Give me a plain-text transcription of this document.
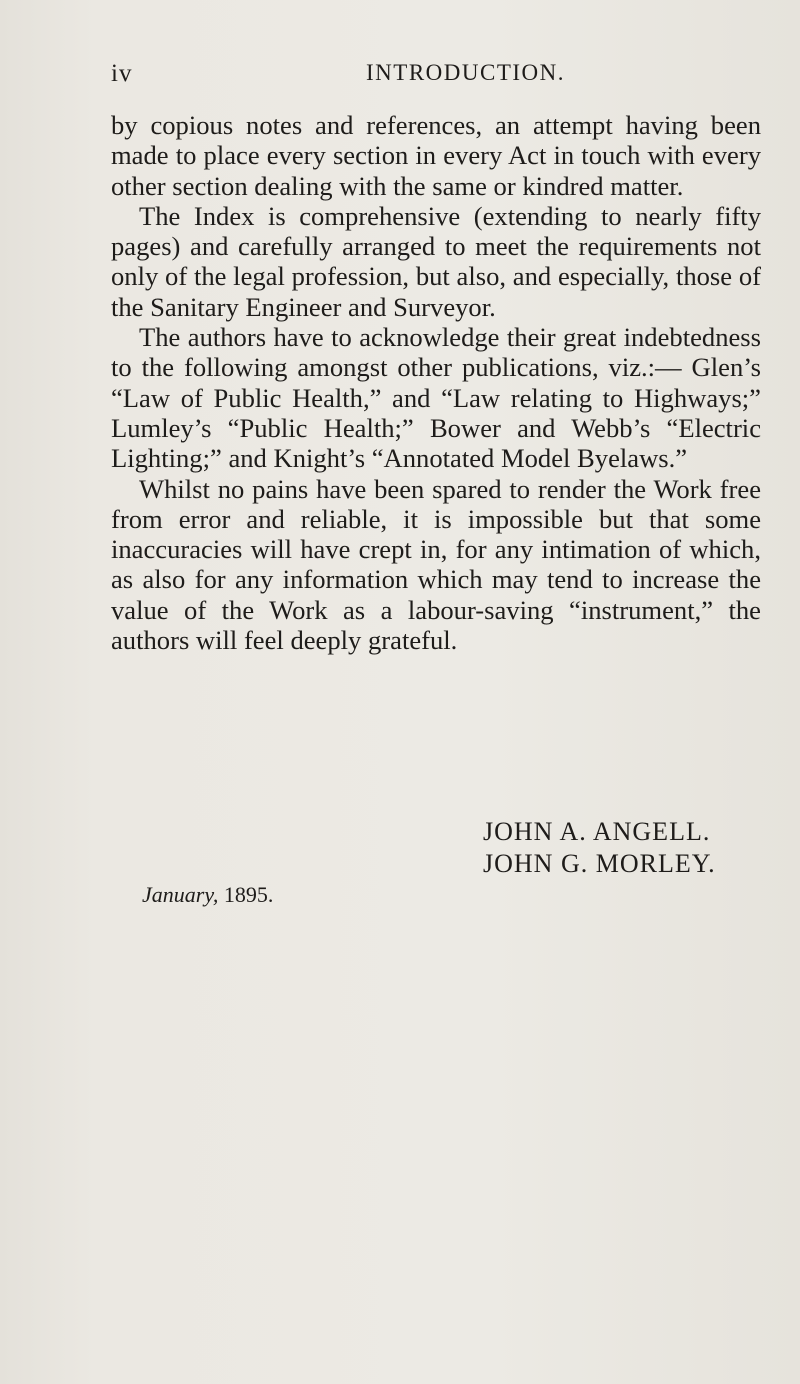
iv	INTRODUCTION.

by copious notes and references, an attempt having been made to place every section in every Act in touch with every other section dealing with the same or kindred matter.

The Index is comprehensive (extending to nearly fifty pages) and carefully arranged to meet the requirements not only of the legal profession, but also, and especially, those of the Sanitary Engineer and Surveyor.

The authors have to acknowledge their great indebtedness to the following amongst other publications, viz.:— Glen’s “Law of Public Health,” and “Law relating to Highways;” Lumley’s “Public Health;” Bower and Webb’s “Electric Lighting;” and Knight’s “Annotated Model Byelaws.”

Whilst no pains have been spared to render the Work free from error and reliable, it is impossible but that some inaccuracies will have crept in, for any intimation of which, as also for any information which may tend to increase the value of the Work as a labour-saving “instrument,” the authors will feel deeply grateful.

JOHN A. ANGELL.
JOHN G. MORLEY.
January, 1895.
